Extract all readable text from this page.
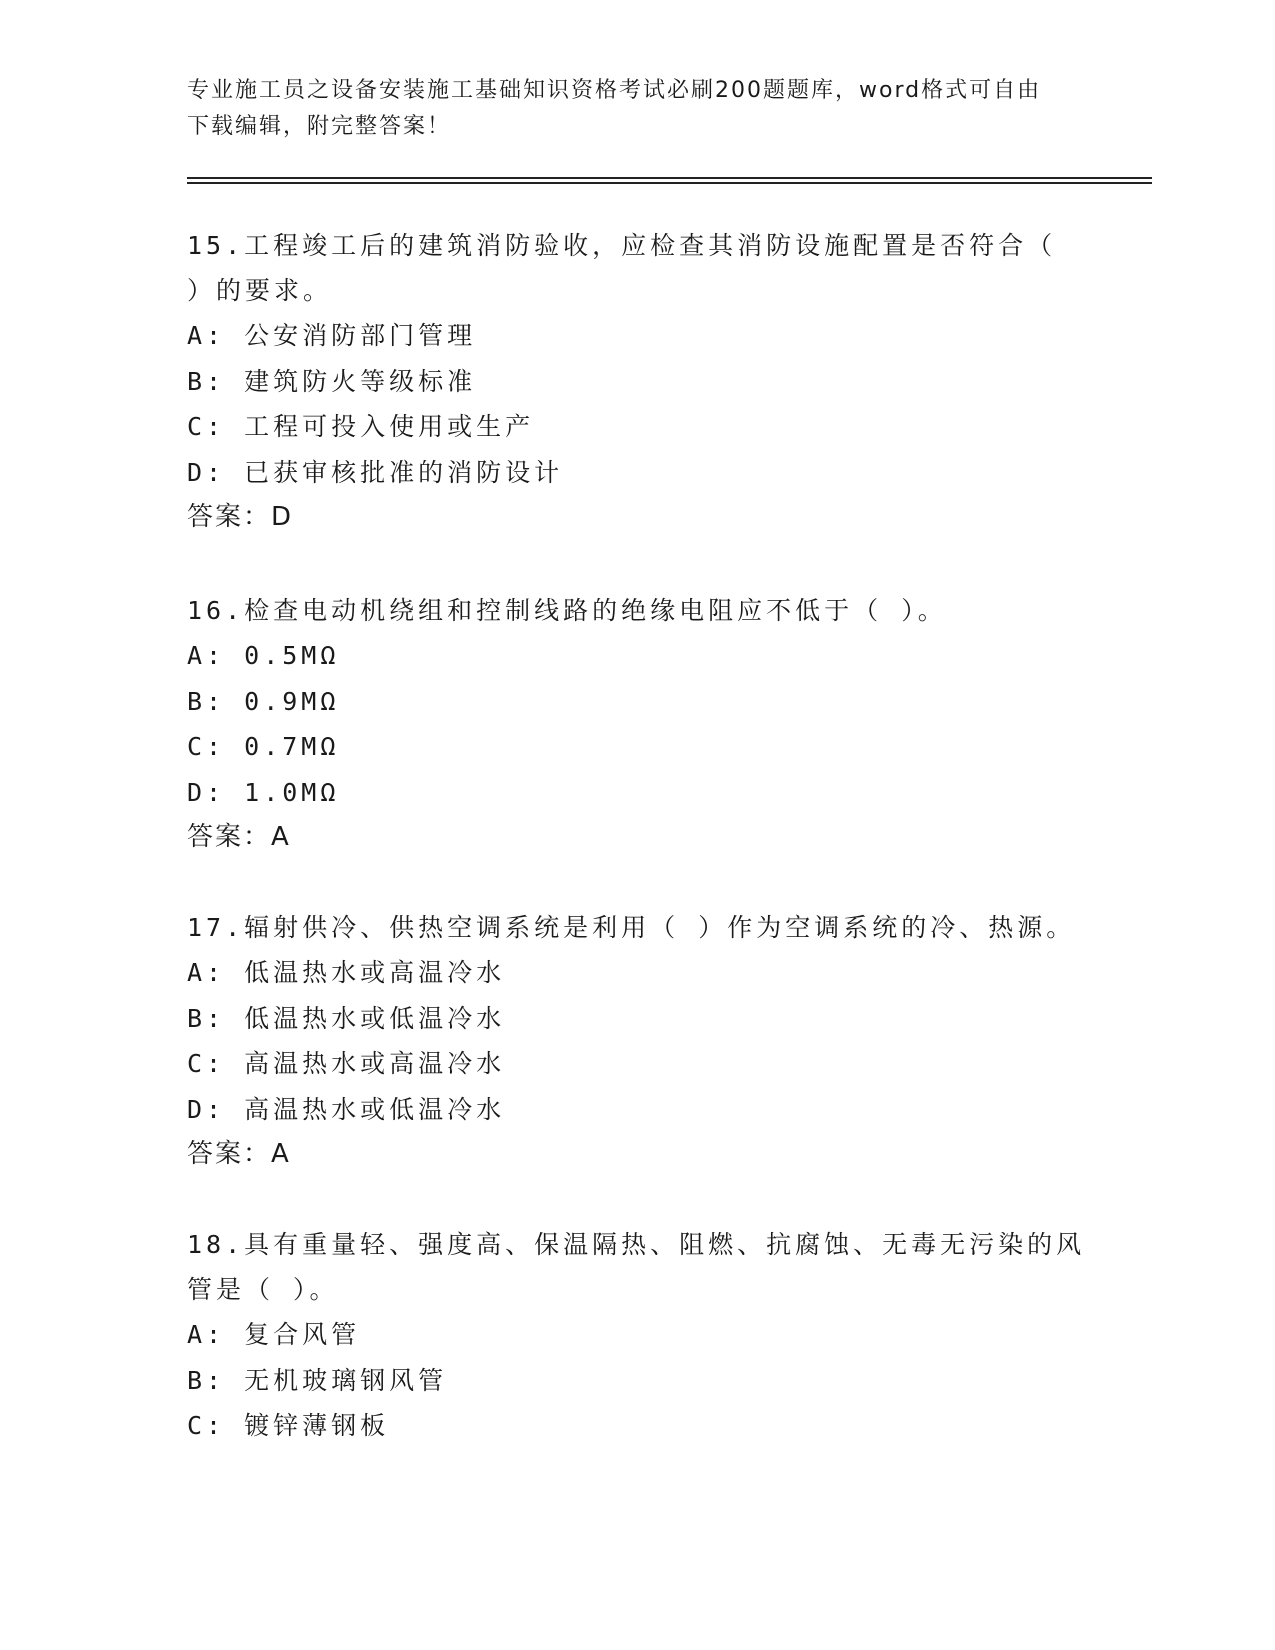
专业施工员之设备安装施工基础知识资格考试必刷200题题库，word格式可自由
下载编辑，附完整答案！
15.工程竣工后的建筑消防验收，应检查其消防设施配置是否符合（
）的要求。
A: 公安消防部门管理
B: 建筑防火等级标准
C: 工程可投入使用或生产
D: 已获审核批准的消防设计
答案：D
16.检查电动机绕组和控制线路的绝缘电阻应不低于（ ）。
A: 0.5MΩ
B: 0.9MΩ
C: 0.7MΩ
D: 1.0MΩ
答案：A
17.辐射供冷、供热空调系统是利用（ ）作为空调系统的冷、热源。
A: 低温热水或高温冷水
B: 低温热水或低温冷水
C: 高温热水或高温冷水
D: 高温热水或低温冷水
答案：A
18.具有重量轻、强度高、保温隔热、阻燃、抗腐蚀、无毒无污染的风
管是（ ）。
A: 复合风管
B: 无机玻璃钢风管
C: 镀锌薄钢板
